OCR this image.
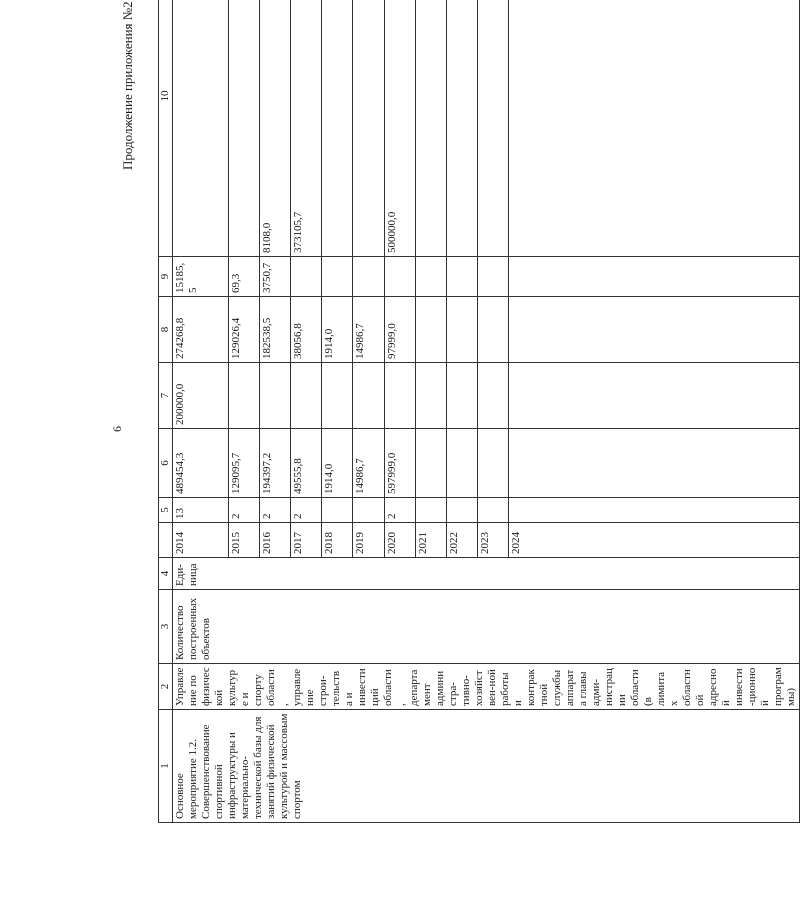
6
Продолжение приложения №2
1	2	3	4		5	6	7	8	9	10
Основное мероприятие 1.2. Совершенствование спортивной инфраструктуры и материально-технической базы для занятий физической культурой и массовым спортом	Управление по физической культуре и спорту области, управление строи-тельства и инвестиций области, департамент администра-тивно-хозяйствен-ной работы и контрактной службы аппарата главы адми-нистрации области (в лимитах областной адресной инвести-ционной программы)	Количество построенных объектов	Еди-ница	2014	13	489454,3	200000,0	274268,8	15185,5	
				2015	2	129095,7		129026,4	69,3	
				2016	2	194397,2		182538,5	3750,7	8108,0
				2017	2	49555,8		38056,8		373105,7
				2018		1914,0		1914,0		
				2019		14986,7		14986,7		
				2020	2	597999,0		97999,0		500000,0
				2021						
				2022						
				2023						
				2024						
